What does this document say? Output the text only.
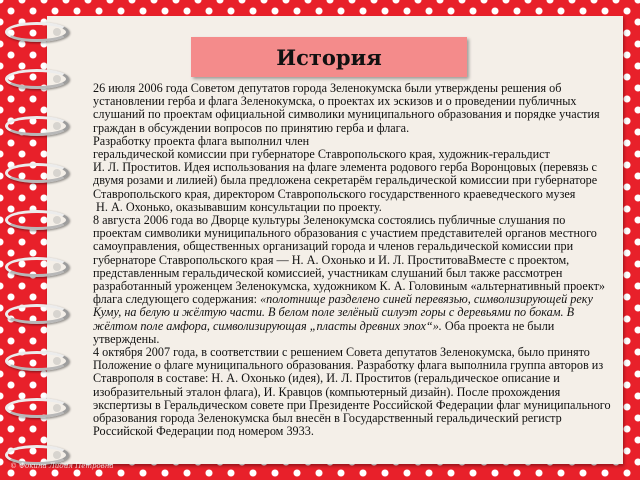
История

26 июля 2006 года Советом депутатов города Зеленокумска были утверждены решения об установлении герба и флага Зеленокумска, о проектах их эскизов и о проведении публичных слушаний по проектам официальной символики муниципального образования и порядке участия граждан в обсуждении вопросов по принятию герба и флага.

Разработку проекта флага выполнил член

геральдической комиссии при губернаторе Ставропольского края, художник-геральдист

И. Л. Проститов. Идея использования на флаге элемента родового герба Воронцовых (перевязь с двумя розами и лилией) была предложена секретарём геральдической комиссии при губернаторе Ставропольского края, директором Ставропольского государственного краеведческого музея

Н. А. Охонько, оказывавшим консультации по проекту.

8 августа 2006 года во Дворце культуры Зеленокумска состоялись публичные слушания по проектам символики муниципального образования с участием представителей органов местного самоуправления, общественных организаций города и членов геральдической комиссии при губернаторе Ставропольского края — Н. А. Охонько и И. Л. ПроститоваВместе с проектом, представленным геральдической комиссией, участникам слушаний был также рассмотрен разработанный уроженцем Зеленокумска, художником К. А. Головиным «альтернативный проект» флага следующего содержания: «полотнище разделено синей перевязью, символизирующей реку Куму, на белую и жёлтую части. В белом поле зелёный силуэт горы с деревьями по бокам. В жёлтом поле амфора, символизирующая „пласты древних эпох“». Оба проекта не были утверждены.

4 октября 2007 года, в соответствии с решением Совета депутатов Зеленокумска, было принято Положение о флаге муниципального образования. Разработку флага выполнила группа авторов из Ставрополя в составе: Н. А. Охонько (идея), И. Л. Проститов (геральдическое описание и изобразительный эталон флага), И. Кравцов (компьютерный дизайн). После прохождения экспертизы в Геральдическом совете при Президенте Российской Федерации флаг муниципального образования города Зеленокумска был внесён в Государственный геральдический регистр Российской Федерации под номером 3933.

© Фокина Лидия Петровна
